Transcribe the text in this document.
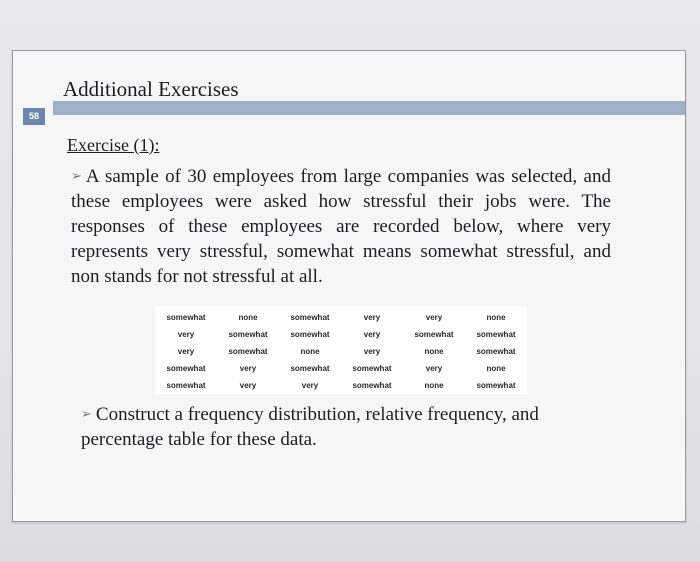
Additional Exercises
58
Exercise (1):

➢ A sample of 30 employees from large companies was selected, and these employees were asked how stressful their jobs were. The responses of these employees are recorded below, where very represents very stressful, somewhat means somewhat stressful, and non stands for not stressful at all.

somewhat	none	somewhat	very	very	none
very	somewhat	somewhat	very	somewhat	somewhat
very	somewhat	none	very	none	somewhat
somewhat	very	somewhat	somewhat	very	none
somewhat	very	very	somewhat	none	somewhat

➢ Construct a frequency distribution, relative frequency, and percentage table for these data.
